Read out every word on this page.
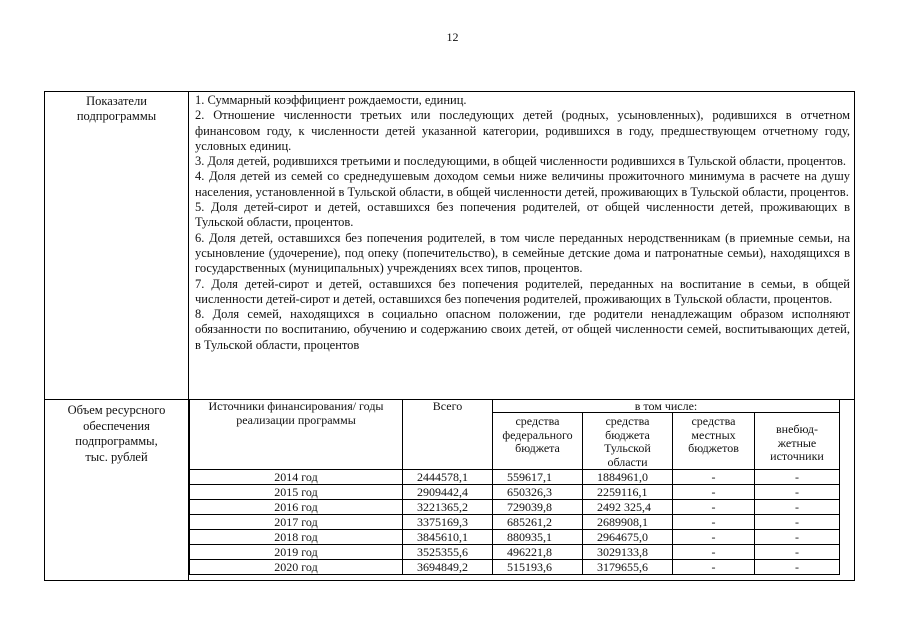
12
Показатели
подпрограммы

1. Суммарный коэффициент рождаемости, единиц.

2. Отношение численности третьих или последующих детей (родных, усыновленных), родившихся в отчетном финансовом году, к численности детей указанной категории, родившихся в году, предшествующем отчетному году, условных единиц.

3. Доля детей, родившихся третьими и последующими, в общей численности родившихся в Тульской области, процентов.

4. Доля детей из семей со среднедушевым доходом семьи ниже величины прожиточного минимума в расчете на душу населения, установленной в Тульской области, в общей численности детей, проживающих в Тульской области, процентов.

5. Доля детей-сирот и детей, оставшихся без попечения родителей, от общей численности детей, проживающих в Тульской области, процентов.

6. Доля детей, оставшихся без попечения родителей, в том числе переданных неродственникам (в приемные семьи, на усыновление (удочерение), под опеку (попечительство), в семейные детские дома и патронатные семьи), находящихся в государственных (муниципальных) учреждениях всех типов, процентов.

7. Доля детей-сирот и детей, оставшихся без попечения родителей, переданных на воспитание в семьи, в общей численности детей-сирот и детей, оставшихся без попечения родителей, проживающих в Тульской области, процентов.

8. Доля семей, находящихся в социально опасном положении, где родители ненадлежащим образом исполняют обязанности по воспитанию, обучению и содержанию своих детей, от общей численности семей, воспитывающих детей, в Тульской области, процентов

Объем ресурсного
обеспечения
подпрограммы,
тыс. рублей
Источники финансирования/ годы реализации программы	Всего	в том числе:			
		средства федерального бюджета	средства бюджета Тульской области	средства местных бюджетов	внебюд-жетные источники
2014 год	2444578,1	559617,1	1884961,0	-	-
2015 год	2909442,4	650326,3	2259116,1	-	-
2016 год	3221365,2	729039,8	2492 325,4	-	-
2017 год	3375169,3	685261,2	2689908,1	-	-
2018 год	3845610,1	880935,1	2964675,0	-	-
2019 год	3525355,6	496221,8	3029133,8	-	-
2020 год	3694849,2	515193,6	3179655,6	-	-
